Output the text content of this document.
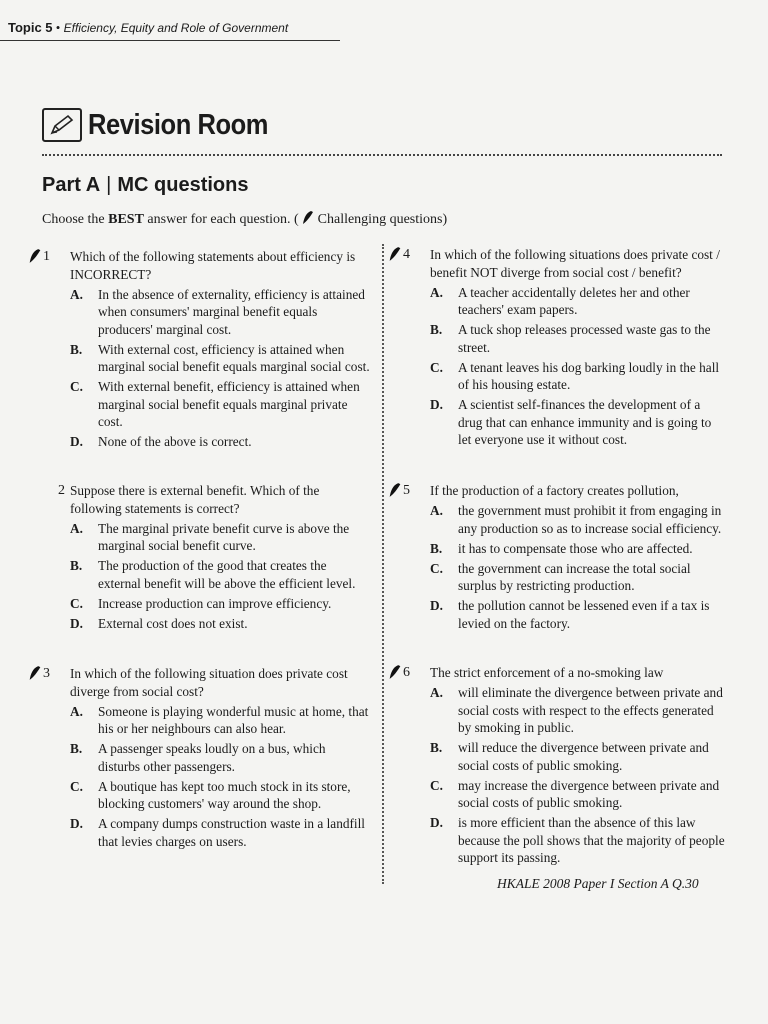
Topic 5 • Efficiency, Equity and Role of Government
Revision Room
Part A | MC questions
Choose the BEST answer for each question. (  Challenging questions)
1 Which of the following statements about efficiency is INCORRECT?

A. In the absence of externality, efficiency is attained when consumers' marginal benefit equals producers' marginal cost.
B. With external cost, efficiency is attained when marginal social benefit equals marginal social cost.
C. With external benefit, efficiency is attained when marginal social benefit equals marginal private cost.
D. None of the above is correct.
2 Suppose there is external benefit. Which of the following statements is correct?

A. The marginal private benefit curve is above the marginal social benefit curve.
B. The production of the good that creates the external benefit will be above the efficient level.
C. Increase production can improve efficiency.
D. External cost does not exist.
3 In which of the following situation does private cost diverge from social cost?

A. Someone is playing wonderful music at home, that his or her neighbours can also hear.
B. A passenger speaks loudly on a bus, which disturbs other passengers.
C. A boutique has kept too much stock in its store, blocking customers' way around the shop.
D. A company dumps construction waste in a landfill that levies charges on users.
4 In which of the following situations does private cost / benefit NOT diverge from social cost / benefit?

A. A teacher accidentally deletes her and other teachers' exam papers.
B. A tuck shop releases processed waste gas to the street.
C. A tenant leaves his dog barking loudly in the hall of his housing estate.
D. A scientist self-finances the development of a drug that can enhance immunity and is going to let everyone use it without cost.
5 If the production of a factory creates pollution,

A. the government must prohibit it from engaging in any production so as to increase social efficiency.
B. it has to compensate those who are affected.
C. the government can increase the total social surplus by restricting production.
D. the pollution cannot be lessened even if a tax is levied on the factory.
6 The strict enforcement of a no-smoking law

A. will eliminate the divergence between private and social costs with respect to the effects generated by smoking in public.
B. will reduce the divergence between private and social costs of public smoking.
C. may increase the divergence between private and social costs of public smoking.
D. is more efficient than the absence of this law because the poll shows that the majority of people support its passing.
HKALE 2008 Paper I Section A Q.30
